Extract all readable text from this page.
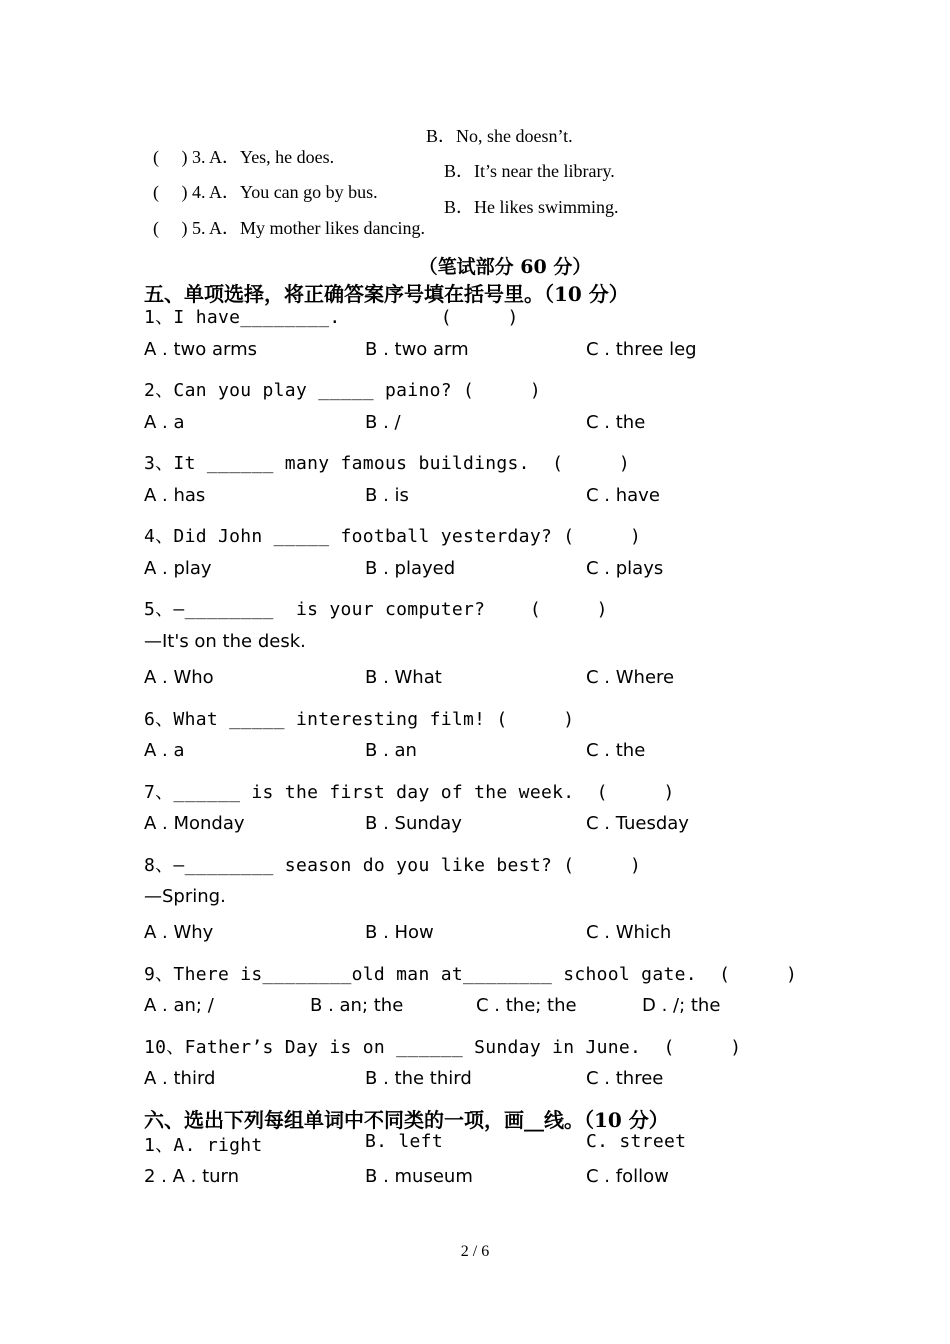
(     ) 3. A．Yes, he does.

B．No, she doesn’t.

(     ) 4. A．You can go by bus.

B．It’s near the library.

(     ) 5. A．My mother likes dancing.

B．He likes swimming.
（笔试部分 60 分）
五、单项选择，将正确答案序号填在括号里。（10 分）
1、I have________.         (     )
A . two arms	B . two arm	C . three leg
2、Can you play _____ paino? (     )
A . a	B . /	C . the
3、It ______ many famous buildings.  (     )
A . has	B . is	C . have
4、Did John _____ football yesterday? (     )
A . play	B . played	C . plays
5、—________  is your computer?    (     )
—It's on the desk.
A . Who	B . What	C . Where
6、What _____ interesting film! (     )
A . a	B . an	C . the
7、______ is the first day of the week.  (     )
A . Monday	B . Sunday	C . Tuesday
8、—________ season do you like best? (     )
—Spring.
A . Why	B . How	C . Which
9、There is________old man at________ school gate.  (     )
A . an; /	B . an; the	C . the; the	D . /; the
10、Father’s Day is on ______ Sunday in June.  (     )
A . third	B . the third	C . three
六、选出下列每组单词中不同类的一项，画__线。（10 分）
1、A. right	B. left	C. street
2 . A . turn	B . museum	C . follow
2 / 6
